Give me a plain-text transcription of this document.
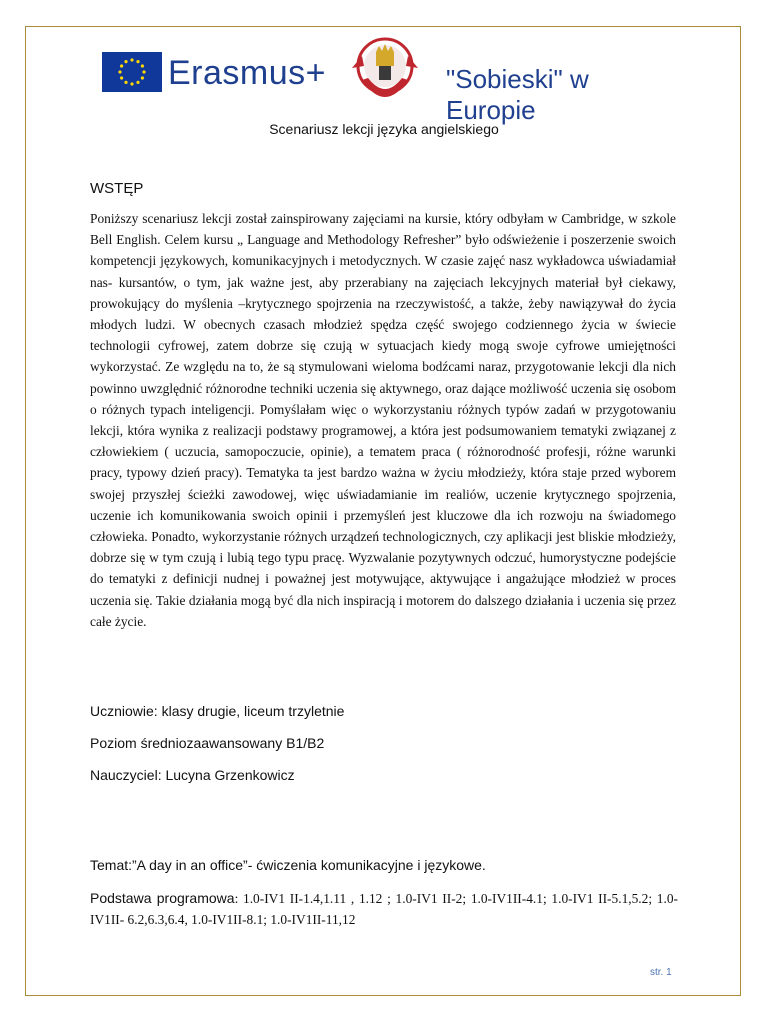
Erasmus+	"Sobieski" w Europie
Scenariusz lekcji języka angielskiego
WSTĘP
Poniższy scenariusz lekcji został zainspirowany zajęciami na kursie, który odbyłam w Cambridge, w szkole Bell English. Celem kursu „ Language and Methodology Refresher” było odświeżenie i poszerzenie swoich kompetencji językowych, komunikacyjnych i metodycznych. W czasie zajęć nasz wykładowca uświadamiał nas- kursantów, o tym, jak ważne jest, aby przerabiany na zajęciach lekcyjnych materiał był ciekawy, prowokujący do myślenia –krytycznego spojrzenia na rzeczywistość, a także, żeby nawiązywał do życia młodych ludzi. W obecnych czasach młodzież spędza część swojego codziennego życia w świecie technologii cyfrowej, zatem dobrze się czują w sytuacjach kiedy mogą swoje cyfrowe umiejętności wykorzystać. Ze względu na to, że są stymulowani wieloma bodźcami naraz, przygotowanie lekcji dla nich powinno uwzględnić różnorodne techniki uczenia się aktywnego, oraz dające możliwość uczenia się osobom o różnych typach inteligencji. Pomyślałam więc o wykorzystaniu różnych typów zadań w przygotowaniu lekcji, która wynika z realizacji podstawy programowej, a która jest podsumowaniem tematyki związanej z człowiekiem ( uczucia, samopoczucie, opinie), a tematem praca ( różnorodność profesji, różne warunki pracy, typowy dzień pracy). Tematyka ta jest bardzo ważna w życiu młodzieży, która staje przed wyborem swojej przyszłej ścieżki zawodowej, więc uświadamianie im realiów, uczenie krytycznego spojrzenia, uczenie ich komunikowania swoich opinii i przemyśleń jest kluczowe dla ich rozwoju na świadomego człowieka. Ponadto, wykorzystanie różnych urządzeń technologicznych, czy aplikacji jest bliskie młodzieży, dobrze się w tym czują i lubią tego typu pracę. Wyzwalanie pozytywnych odczuć, humorystyczne podejście do tematyki z definicji nudnej i poważnej jest motywujące, aktywujące i angażujące młodzież w proces uczenia się. Takie działania mogą być dla nich inspiracją i motorem do dalszego działania i uczenia się przez całe życie.
Uczniowie: klasy drugie, liceum trzyletnie
Poziom średniozaawansowany B1/B2
Nauczyciel: Lucyna Grzenkowicz
Temat:”A day in an office”- ćwiczenia komunikacyjne i językowe.
Podstawa programowa: 1.0-IV1 II-1.4,1.11 , 1.12 ; 1.0-IV1 II-2; 1.0-IV1II-4.1; 1.0-IV1 II-5.1,5.2; 1.0-IV1II- 6.2,6.3,6.4, 1.0-IV1II-8.1; 1.0-IV1II-11,12
str. 1
